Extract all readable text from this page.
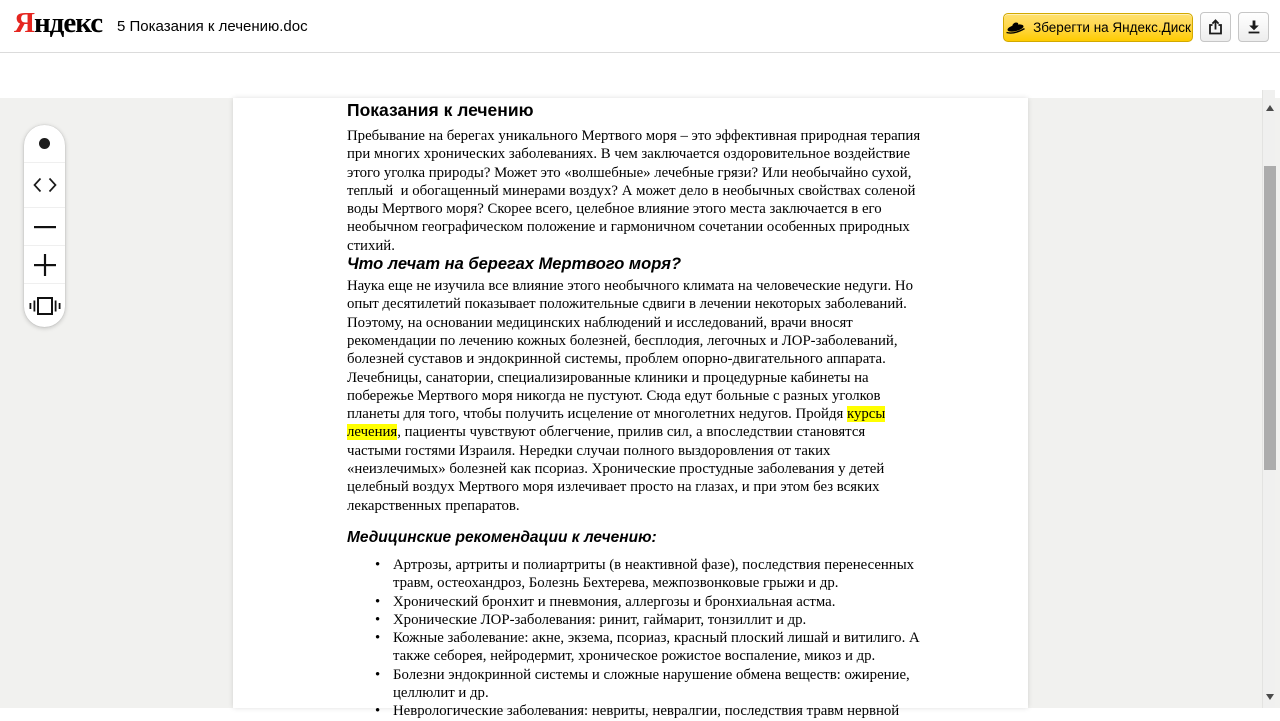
Яндекс 5 Показания к лечению.doc	Зберегти на Яндекс.Диск
Показания к лечению
Пребывание на берегах уникального Мертвого моря – это эффективная природная терапия
при многих хронических заболеваниях. В чем заключается оздоровительное воздействие
этого уголка природы? Может это «волшебные» лечебные грязи? Или необычайно сухой,
теплый  и обогащенный минерами воздух? А может дело в необычных свойствах соленой
воды Мертвого моря? Скорее всего, целебное влияние этого места заключается в его
необычном географическом положение и гармоничном сочетании особенных природных
стихий.
Что лечат на берегах Мертвого моря?
Наука еще не изучила все влияние этого необычного климата на человеческие недуги. Но
опыт десятилетий показывает положительные сдвиги в лечении некоторых заболеваний.
Поэтому, на основании медицинских наблюдений и исследований, врачи вносят
рекомендации по лечению кожных болезней, бесплодия, легочных и ЛОР-заболеваний,
болезней суставов и эндокринной системы, проблем опорно-двигательного аппарата.
Лечебницы, санатории, специализированные клиники и процедурные кабинеты на
побережье Мертвого моря никогда не пустуют. Сюда едут больные с разных уголков
планеты для того, чтобы получить исцеление от многолетних недугов. Пройдя курсы
лечения, пациенты чувствуют облегчение, прилив сил, а впоследствии становятся
частыми гостями Израиля. Нередки случаи полного выздоровления от таких
«неизлечимых» болезней как псориаз. Хронические простудные заболевания у детей
целебный воздух Мертвого моря излечивает просто на глазах, и при этом без всяких
лекарственных препаратов.
Медицинские рекомендации к лечению:
• Артрозы, артриты и полиартриты (в неактивной фазе), последствия перенесенных
травм, остеохандроз, Болезнь Бехтерева, межпозвонковые грыжи и др.
• Хронический бронхит и пневмония, аллергозы и бронхиальная астма.
• Хронические ЛОР-заболевания: ринит, гаймарит, тонзиллит и др.
• Кожные заболевание: акне, экзема, псориаз, красный плоский лишай и витилиго. А
также себорея, нейродермит, хроническое рожистое воспаление, микоз и др.
• Болезни эндокринной системы и сложные нарушение обмена веществ: ожирение,
целлюлит и др.
• Неврологические заболевания: невриты, невралгии, последствия травм нервной
